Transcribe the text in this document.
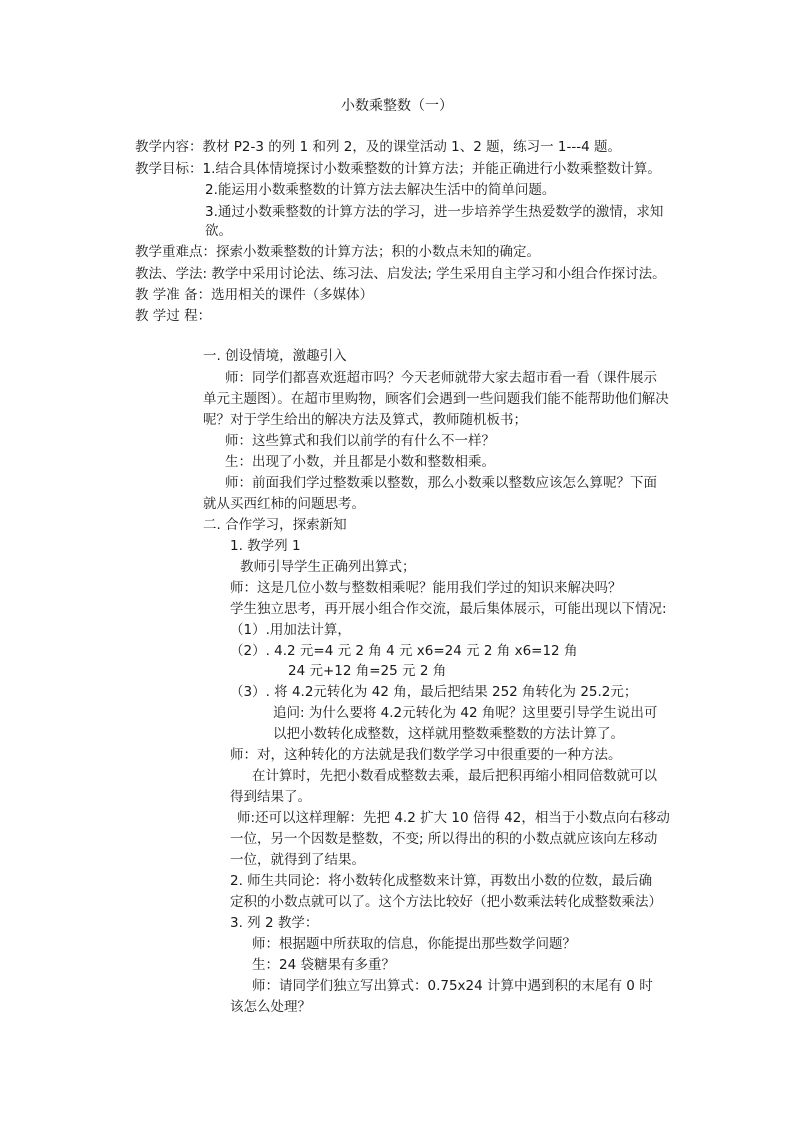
小数乘整数（一）
教学内容：教材 P2-3 的列 1 和列 2，及的课堂活动 1、2 题，练习一 1---4 题。
教学目标：1.结合具体情境探讨小数乘整数的计算方法；并能正确进行小数乘整数计算。
2.能运用小数乘整数的计算方法去解决生活中的简单问题。
3.通过小数乘整数的计算方法的学习，进一步培养学生热爱数学的激情，求知
欲。
教学重难点：探索小数乘整数的计算方法；积的小数点未知的确定。
教法、学法: 教学中采用讨论法、练习法、启发法; 学生采用自主学习和小组合作探讨法。
教 学准 备：选用相关的课件（多媒体）
教 学过 程：
一. 创设情境，激趣引入
师：同学们都喜欢逛超市吗？今天老师就带大家去超市看一看（课件展示
单元主题图）。在超市里购物，顾客们会遇到一些问题我们能不能帮助他们解决
呢？对于学生给出的解决方法及算式，教师随机板书；
师：这些算式和我们以前学的有什么不一样？
生：出现了小数，并且都是小数和整数相乘。
师：前面我们学过整数乘以整数，那么小数乘以整数应该怎么算呢？下面
就从买西红柿的问题思考。
二. 合作学习，探索新知
1. 教学列 1
教师引导学生正确列出算式；
师：这是几位小数与整数相乘呢？能用我们学过的知识来解决吗？
学生独立思考，再开展小组合作交流，最后集体展示，可能出现以下情况:
（1）.用加法计算，
（2）. 4.2 元=4 元 2 角 4 元 x6=24 元 2 角 x6=12 角
24 元+12 角=25 元 2 角
（3）. 将 4.2元转化为 42 角，最后把结果 252 角转化为 25.2元；
追问: 为什么要将 4.2元转化为 42 角呢？这里要引导学生说出可
以把小数转化成整数，这样就用整数乘整数的方法计算了。
师：对，这种转化的方法就是我们数学学习中很重要的一种方法。
在计算时，先把小数看成整数去乘，最后把积再缩小相同倍数就可以
得到结果了。
师:还可以这样理解：先把 4.2 扩大 10 倍得 42，相当于小数点向右移动
一位，另一个因数是整数，不变; 所以得出的积的小数点就应该向左移动
一位，就得到了结果。
2. 师生共同论：将小数转化成整数来计算，再数出小数的位数，最后确
定积的小数点就可以了。这个方法比较好（把小数乘法转化成整数乘法）
3. 列 2 教学：
师：根据题中所获取的信息，你能提出那些数学问题？
生：24 袋糖果有多重？
师：请同学们独立写出算式：0.75x24 计算中遇到积的末尾有 0 时
该怎么处理？
